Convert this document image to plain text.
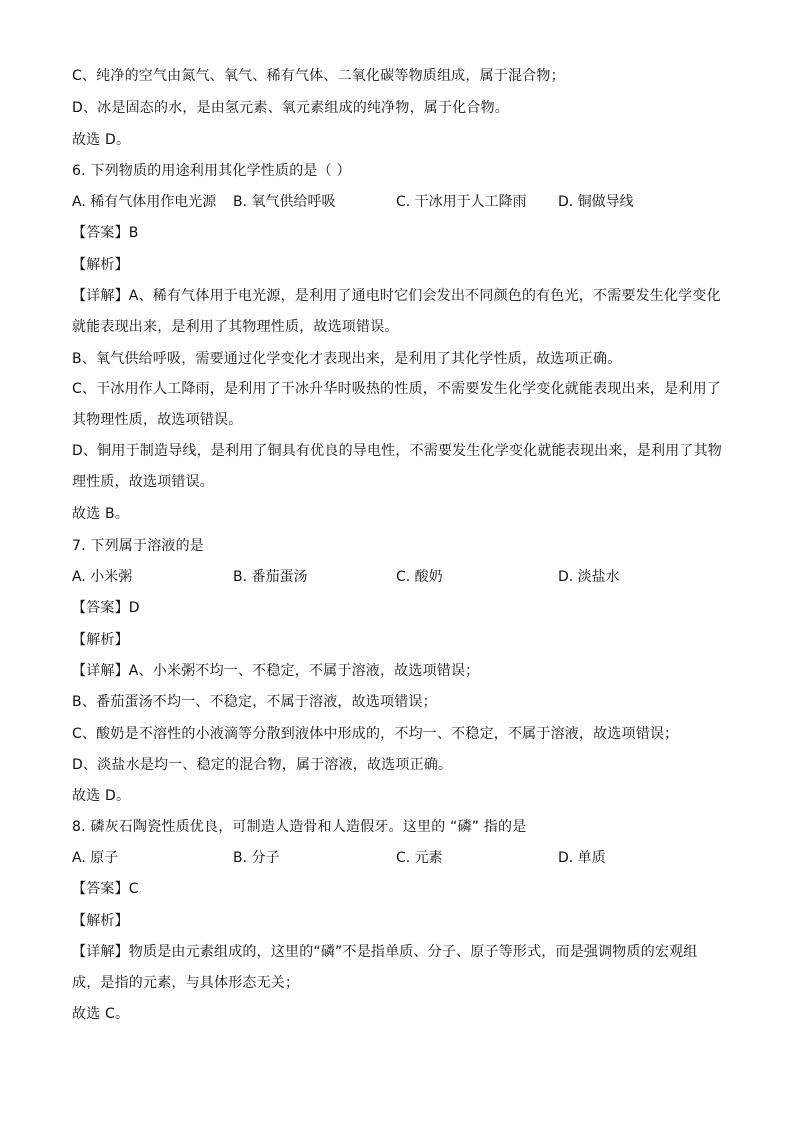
C、纯净的空气由氮气、氧气、稀有气体、二氧化碳等物质组成，属于混合物；
D、冰是固态的水，是由氢元素、氧元素组成的纯净物，属于化合物。
故选 D。
6. 下列物质的用途利用其化学性质的是（ ）
A. 稀有气体用作电光源 B. 氧气供给呼吸	C. 干冰用于人工降雨 D. 铜做导线
【答案】B
【解析】
【详解】A、稀有气体用于电光源，是利用了通电时它们会发出不同颜色的有色光，不需要发生化学变化就能表现出来，是利用了其物理性质，故选项错误。
B、氧气供给呼吸，需要通过化学变化才表现出来，是利用了其化学性质，故选项正确。
C、干冰用作人工降雨，是利用了干冰升华时吸热的性质，不需要发生化学变化就能表现出来，是利用了其物理性质，故选项错误。
D、铜用于制造导线，是利用了铜具有优良的导电性，不需要发生化学变化就能表现出来，是利用了其物理性质，故选项错误。
故选 B。
7. 下列属于溶液的是
A. 小米粥	B. 番茄蛋汤	C. 酸奶	D. 淡盐水
【答案】D
【解析】
【详解】A、小米粥不均一、不稳定，不属于溶液，故选项错误；
B、番茄蛋汤不均一、不稳定，不属于溶液，故选项错误；
C、酸奶是不溶性的小液滴等分散到液体中形成的，不均一、不稳定，不属于溶液，故选项错误；
D、淡盐水是均一、稳定的混合物，属于溶液，故选项正确。
故选 D。
8. 磷灰石陶瓷性质优良，可制造人造骨和人造假牙。这里的 “磷” 指的是
A. 原子	B. 分子	C. 元素	D. 单质
【答案】C
【解析】
【详解】物质是由元素组成的，这里的“磷”不是指单质、分子、原子等形式，而是强调物质的宏观组成，是指的元素，与具体形态无关；
故选 C。
